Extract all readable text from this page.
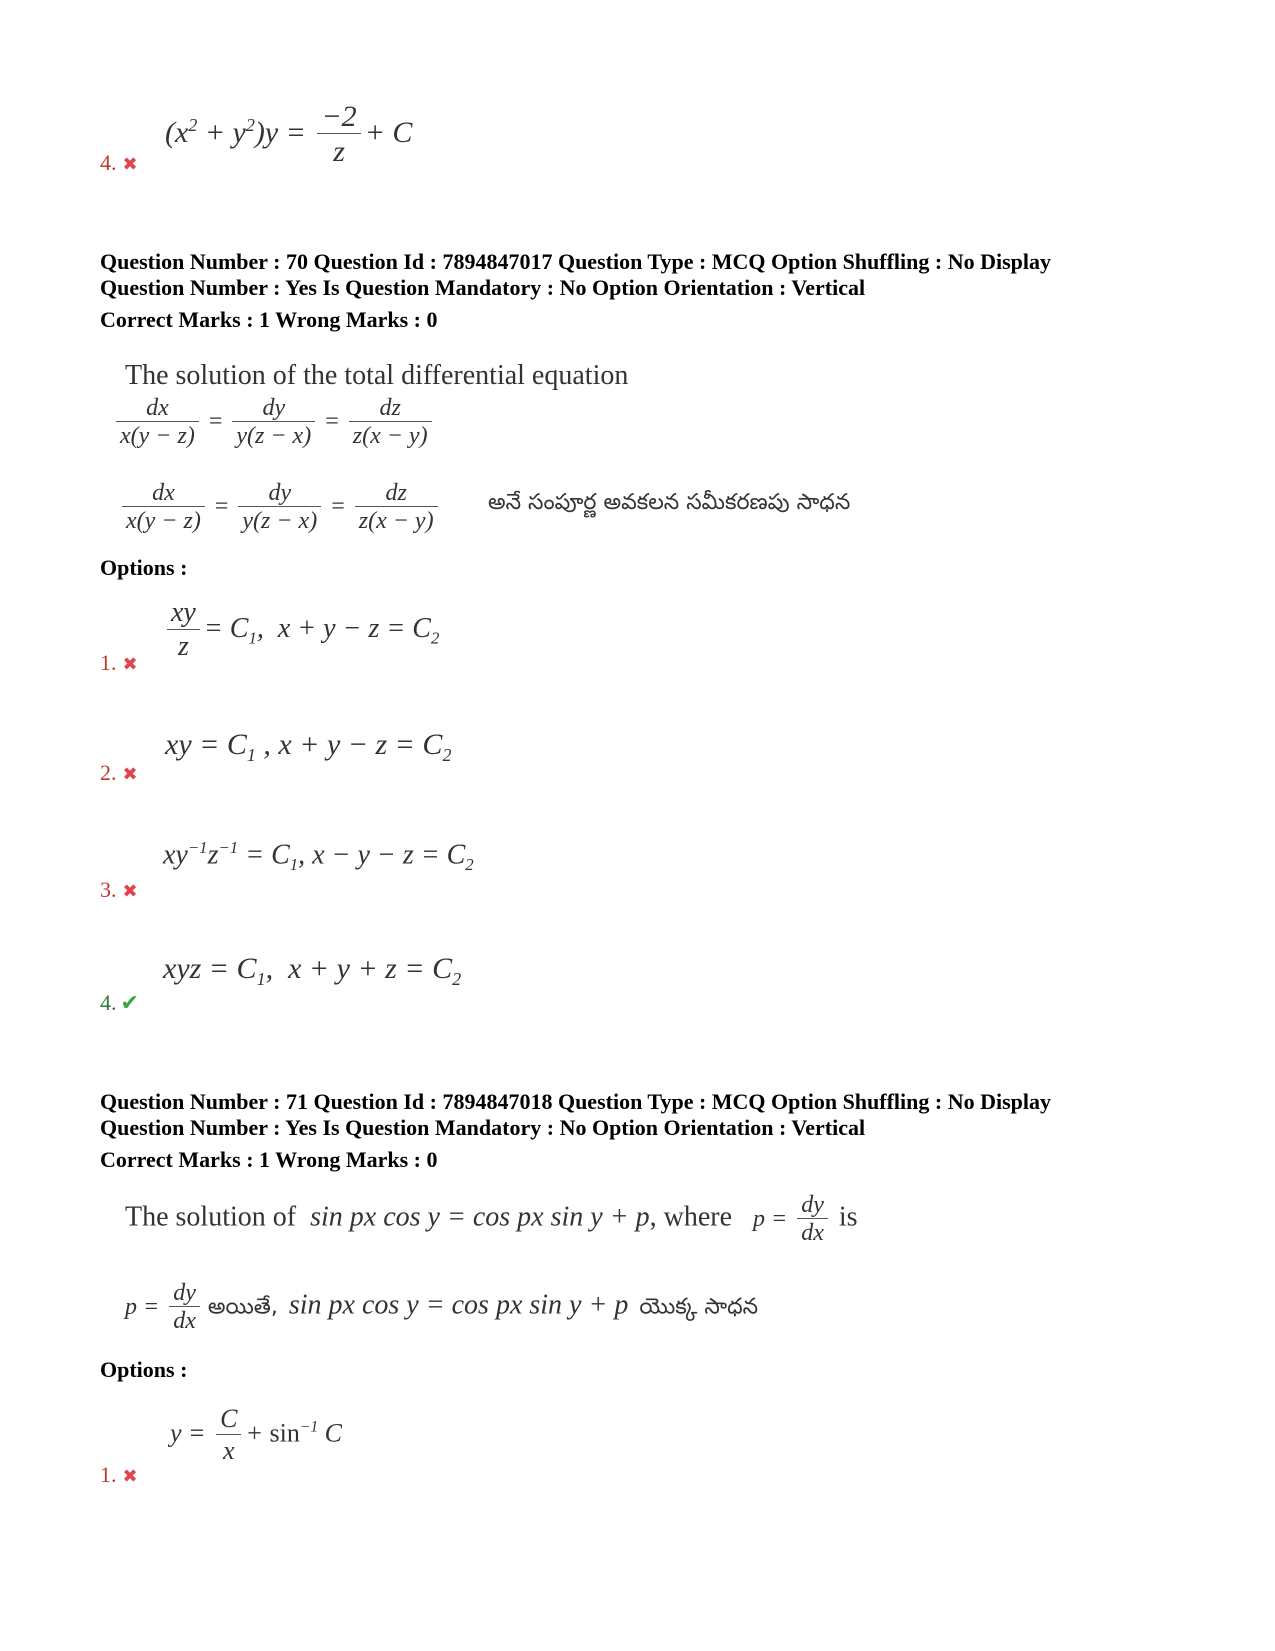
$(x^2 + y^2)y = \frac{-2}{z} + C$
4. ✖
Question Number : 70 Question Id : 7894847017 Question Type : MCQ Option Shuffling : No Display
Question Number : Yes Is Question Mandatory : No Option Orientation : Vertical
Correct Marks : 1 Wrong Marks : 0
The solution of the total differential equation
$\frac{dx}{x(y - z)} = \frac{dy}{y(z - x)} = \frac{dz}{z(x - y)}$
$\frac{dx}{x(y - z)} = \frac{dy}{y(z - x)} = \frac{dz}{z(x - y)}$ అనే సంపూర్ణ అవకలన సమీకరణపు సాధన
Options :
$\frac{xy}{z} = C_1$,  $x + y - z = C_2$
1. ✖
xy = $C_1$ , $x + y - z = C_2$
2. ✖
$xy^{-1}z^{-1} = C_1$, $x - y - z = C_2$
3. ✖
xyz = $C_1$,  $x + y + z = C_2$
4. ✔
Question Number : 71 Question Id : 7894847018 Question Type : MCQ Option Shuffling : No Display
Question Number : Yes Is Question Mandatory : No Option Orientation : Vertical
Correct Marks : 1 Wrong Marks : 0
The solution of  sin px cos y = cos px sin y + p, where $p = \frac{dy}{dx}$ is
$p = \frac{dy}{dx}$ అయితే,  sin px cos y = cos px sin y + p  యొక్క సాధన
Options :
$y = \frac{C}{x} + \sin^{-1} C$
1. ✖
